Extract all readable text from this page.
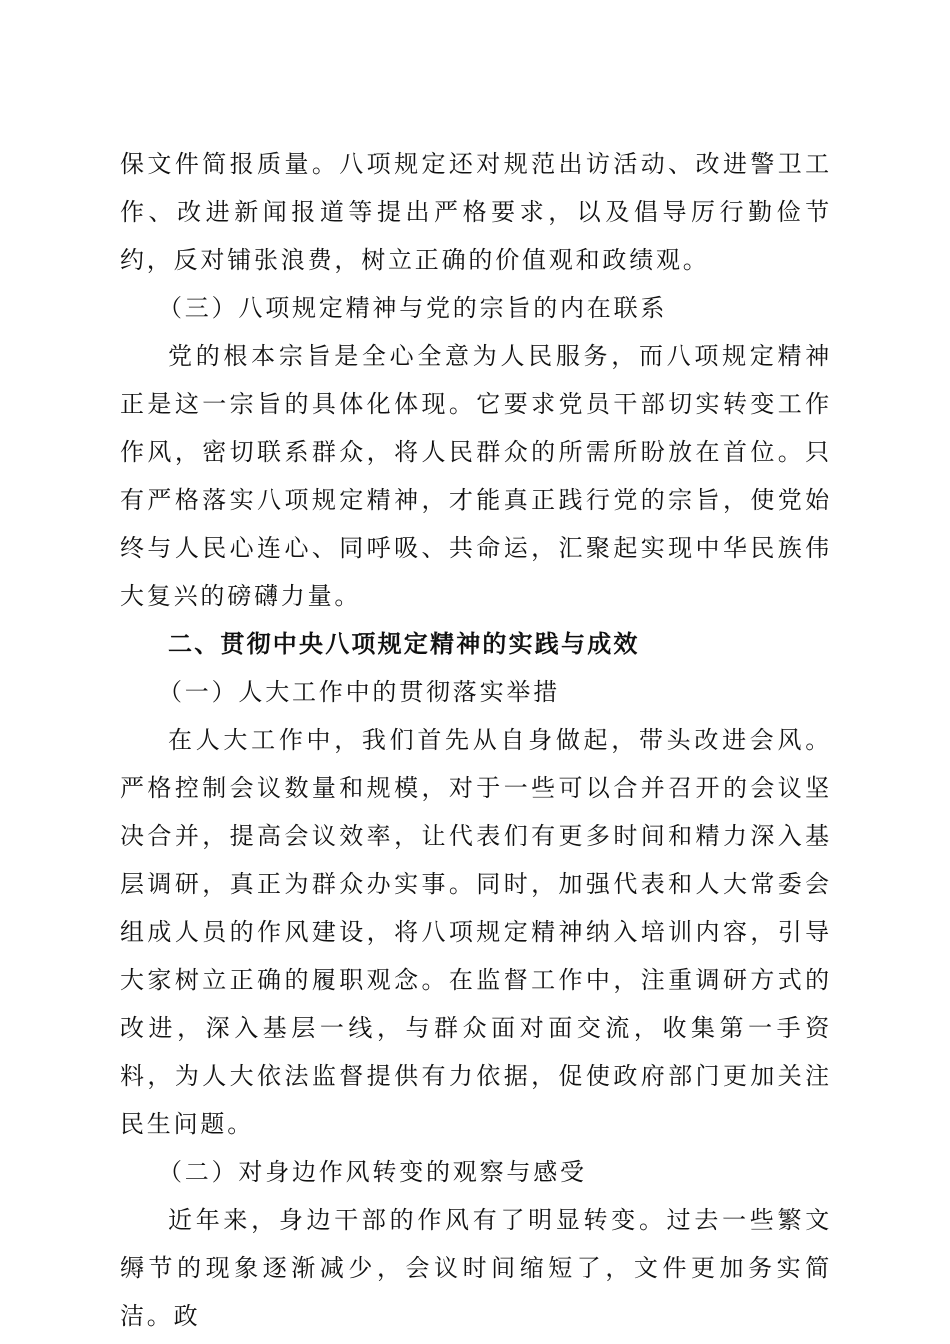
保文件简报质量。八项规定还对规范出访活动、改进警卫工作、改进新闻报道等提出严格要求，以及倡导厉行勤俭节约，反对铺张浪费，树立正确的价值观和政绩观。

（三）八项规定精神与党的宗旨的内在联系

党的根本宗旨是全心全意为人民服务，而八项规定精神正是这一宗旨的具体化体现。它要求党员干部切实转变工作作风，密切联系群众，将人民群众的所需所盼放在首位。只有严格落实八项规定精神，才能真正践行党的宗旨，使党始终与人民心连心、同呼吸、共命运，汇聚起实现中华民族伟大复兴的磅礴力量。

二、贯彻中央八项规定精神的实践与成效

（一）人大工作中的贯彻落实举措

在人大工作中，我们首先从自身做起，带头改进会风。严格控制会议数量和规模，对于一些可以合并召开的会议坚决合并，提高会议效率，让代表们有更多时间和精力深入基层调研，真正为群众办实事。同时，加强代表和人大常委会组成人员的作风建设，将八项规定精神纳入培训内容，引导大家树立正确的履职观念。在监督工作中，注重调研方式的改进，深入基层一线，与群众面对面交流，收集第一手资料，为人大依法监督提供有力依据，促使政府部门更加关注民生问题。

（二）对身边作风转变的观察与感受

近年来，身边干部的作风有了明显转变。过去一些繁文缛节的现象逐渐减少，会议时间缩短了，文件更加务实简洁。政
